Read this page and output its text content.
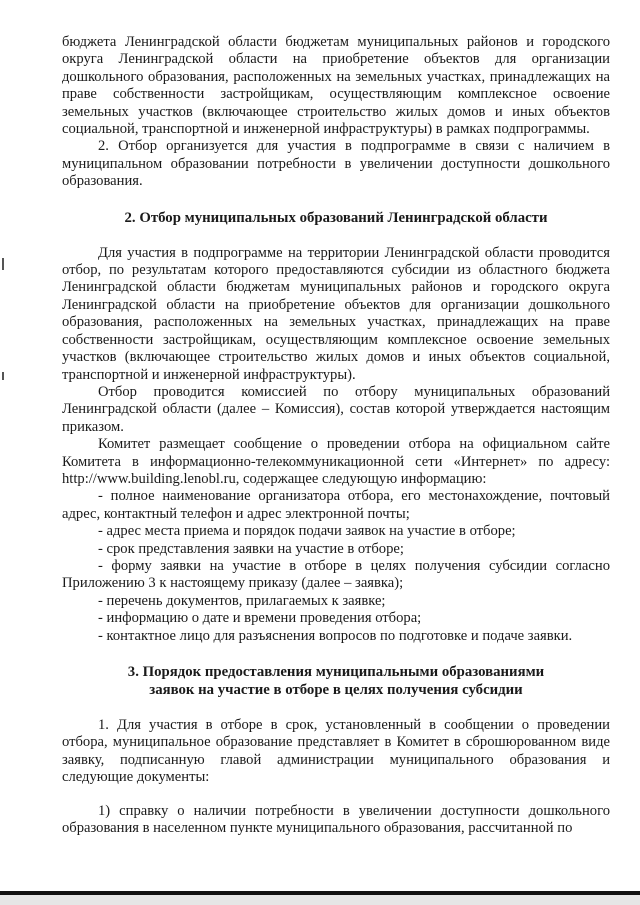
бюджета Ленинградской области бюджетам муниципальных районов и городского округа Ленинградской области на приобретение объектов для организации дошкольного образования, расположенных на земельных участках, принадлежащих на праве собственности застройщикам, осуществляющим комплексное освоение земельных участков (включающее строительство жилых домов и иных объектов социальной, транспортной и инженерной инфраструктуры) в рамках подпрограммы.

2. Отбор организуется для участия в подпрограмме в связи с наличием в муниципальном образовании потребности в увеличении доступности дошкольного образования.

2. Отбор муниципальных образований Ленинградской области

Для участия в подпрограмме на территории Ленинградской области проводится отбор, по результатам которого предоставляются субсидии из областного бюджета Ленинградской области бюджетам муниципальных районов и городского округа Ленинградской области на приобретение объектов для организации дошкольного образования, расположенных на земельных участках, принадлежащих на праве собственности застройщикам, осуществляющим комплексное освоение земельных участков (включающее строительство жилых домов и иных объектов социальной, транспортной и инженерной инфраструктуры).

Отбор проводится комиссией по отбору муниципальных образований Ленинградской области (далее – Комиссия), состав которой утверждается настоящим приказом.

Комитет размещает сообщение о проведении отбора на официальном сайте Комитета в информационно-телекоммуникационной сети «Интернет» по адресу: http://www.building.lenobl.ru, содержащее следующую информацию:

- полное наименование организатора отбора, его местонахождение, почтовый адрес, контактный телефон и адрес электронной почты;

- адрес места приема и порядок подачи заявок на участие в отборе;

- срок представления заявки на участие в отборе;

- форму заявки на участие в отборе в целях получения субсидии согласно Приложению 3 к настоящему приказу (далее – заявка);

- перечень документов, прилагаемых к заявке;

- информацию о дате и времени проведения отбора;

- контактное лицо для разъяснения вопросов по подготовке и подаче заявки.

3. Порядок предоставления муниципальными образованиями
заявок на участие в отборе в целях получения субсидии

1. Для участия в отборе в срок, установленный в сообщении о проведении отбора, муниципальное образование представляет в Комитет в сброшюрованном виде заявку, подписанную главой администрации муниципального образования и следующие документы:

1) справку о наличии потребности в увеличении доступности дошкольного образования в населенном пункте муниципального образования, рассчитанной по
